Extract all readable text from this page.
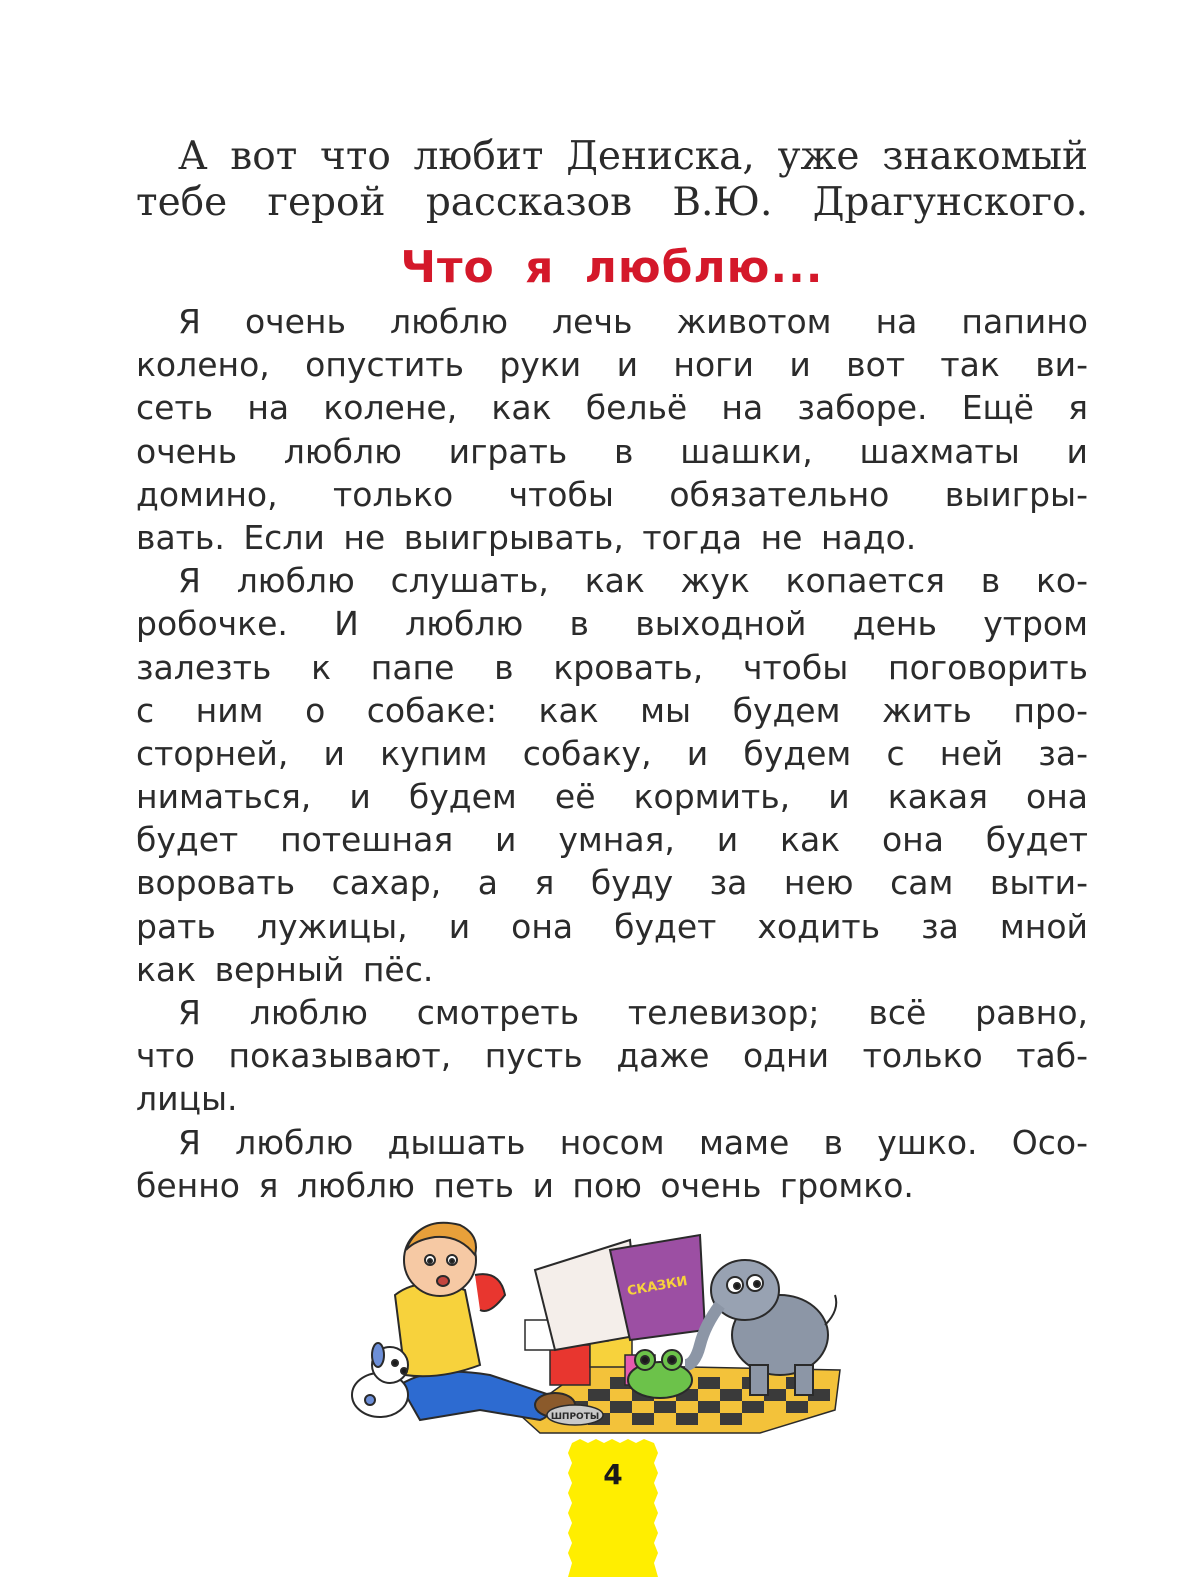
А вот что любит Дениска, уже знакомый

тебе герой рассказов В.Ю. Драгунского.

Что я люблю...
Я очень люблю лечь животом на папино
колено, опустить руки и ноги и вот так ви-
сеть на колене, как бельё на заборе. Ещё я
очень люблю играть в шашки, шахматы и
домино, только чтобы обязательно выигры-
вать. Если не выигрывать, тогда не надо.
Я люблю слушать, как жук копается в ко-
робочке. И люблю в выходной день утром
залезть к папе в кровать, чтобы поговорить
с ним о собаке: как мы будем жить про-
сторней, и купим собаку, и будем с ней за-
ниматься, и будем её кормить, и какая она
будет потешная и умная, и как она будет
воровать сахар, а я буду за нею сам выти-
рать лужицы, и она будет ходить за мной
как верный пёс.
Я люблю смотреть телевизор; всё равно,
что показывают, пусть даже одни только таб-
лицы.
Я люблю дышать носом маме в ушко. Осо-
бенно я люблю петь и пою очень громко.
СКАЗКИ
ШПРОТЫ
4
